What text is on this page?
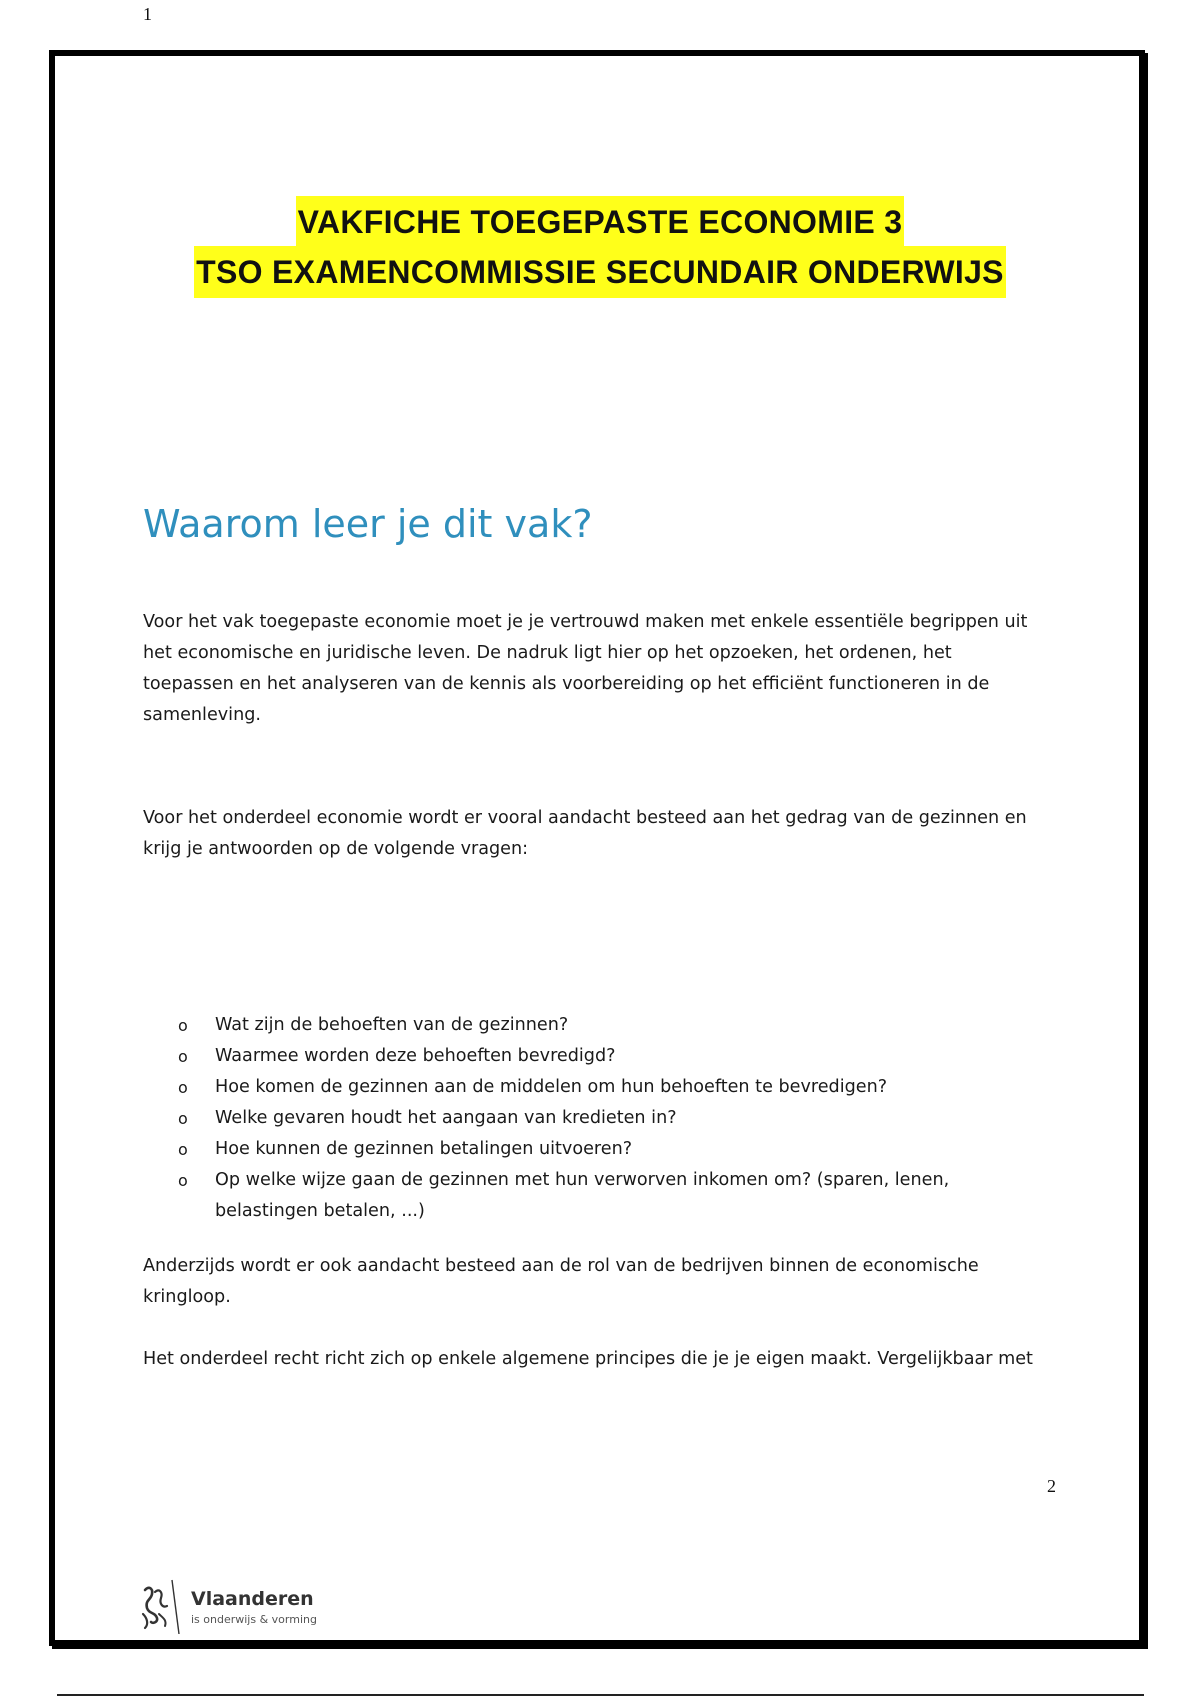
1
VAKFICHE TOEGEPASTE ECONOMIE 3
TSO EXAMENCOMMISSIE SECUNDAIR ONDERWIJS
Waarom leer je dit vak?

Voor het vak toegepaste economie moet je je vertrouwd maken met enkele essentiële begrippen uit het economische en juridische leven. De nadruk ligt hier op het opzoeken, het ordenen, het toepassen en het analyseren van de kennis als voorbereiding op het efficiënt functioneren in de samenleving.

Voor het onderdeel economie wordt er vooral aandacht besteed aan het gedrag van de gezinnen en krijg je antwoorden op de volgende vragen:

o Wat zijn de behoeften van de gezinnen?
o Waarmee worden deze behoeften bevredigd?
o Hoe komen de gezinnen aan de middelen om hun behoeften te bevredigen?
o Welke gevaren houdt het aangaan van kredieten in?
o Hoe kunnen de gezinnen betalingen uitvoeren?
o Op welke wijze gaan de gezinnen met hun verworven inkomen om? (sparen, lenen, belastingen betalen, ...)

Anderzijds wordt er ook aandacht besteed aan de rol van de bedrijven binnen de economische kringloop.

Het onderdeel recht richt zich op enkele algemene principes die je je eigen maakt. Vergelijkbaar met

2
Vlaanderen
is onderwijs & vorming
